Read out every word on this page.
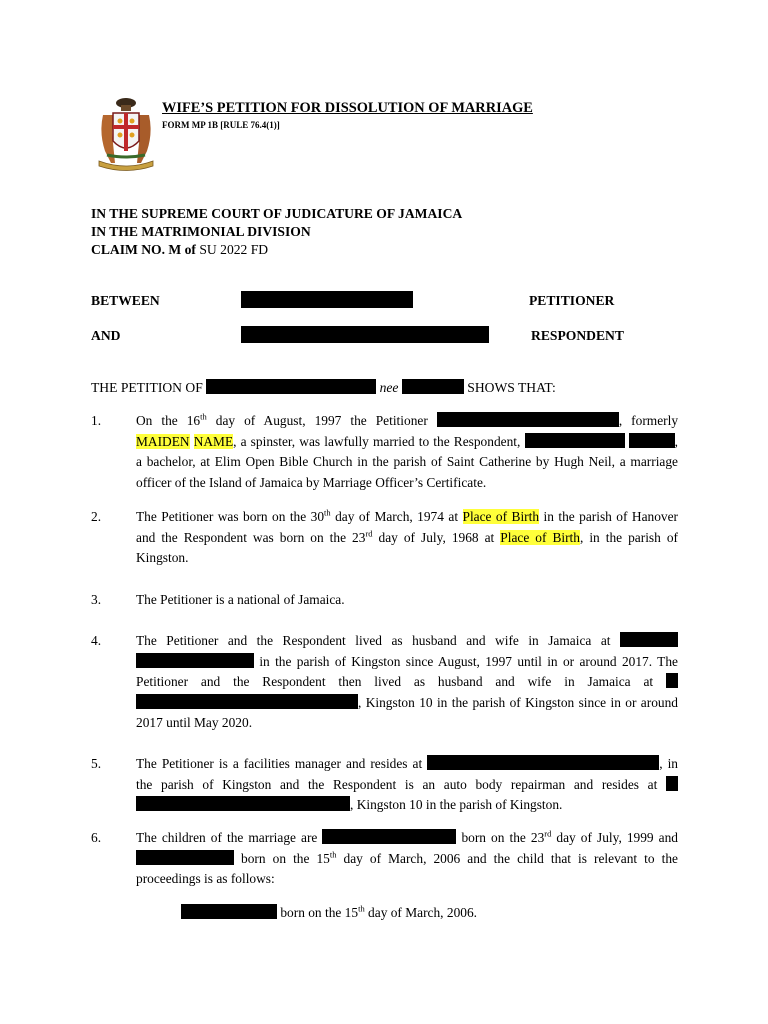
WIFE’S PETITION FOR DISSOLUTION OF MARRIAGE
FORM MP 1B [RULE 76.4(1)]
IN THE SUPREME COURT OF JUDICATURE OF JAMAICA
IN THE MATRIMONIAL DIVISION
CLAIM NO. M of SU 2022 FD
BETWEEN	PETITIONER
AND	RESPONDENT
THE PETITION OF	nee	SHOWS THAT:
1.	On the 16th day of August, 1997 the Petitioner	, formerly MAIDEN NAME, a spinster, was lawfully married to the Respondent,	, a bachelor, at Elim Open Bible Church in the parish of Saint Catherine by Hugh Neil, a marriage officer of the Island of Jamaica by Marriage Officer’s Certificate.
2.	The Petitioner was born on the 30th day of March, 1974 at Place of Birth in the parish of Hanover and the Respondent was born on the 23rd day of July, 1968 at Place of Birth, in the parish of Kingston.
3.	The Petitioner is a national of Jamaica.
4.	The Petitioner and the Respondent lived as husband and wife in Jamaica at   in the parish of Kingston since August, 1997 until in or around 2017. The Petitioner and the Respondent then lived as husband and wife in Jamaica at  , Kingston 10 in the parish of Kingston since in or around 2017 until May 2020.
5.	The Petitioner is a facilities manager and resides at	, in the parish of Kingston and the Respondent is an auto body repairman and resides at  , Kingston 10 in the parish of Kingston.
6.	The children of the marriage are	born on the 23rd day of July, 1999 and  born on the 15th day of March, 2006 and the child that is relevant to the proceedings is as follows:
born on the 15th day of March, 2006.
